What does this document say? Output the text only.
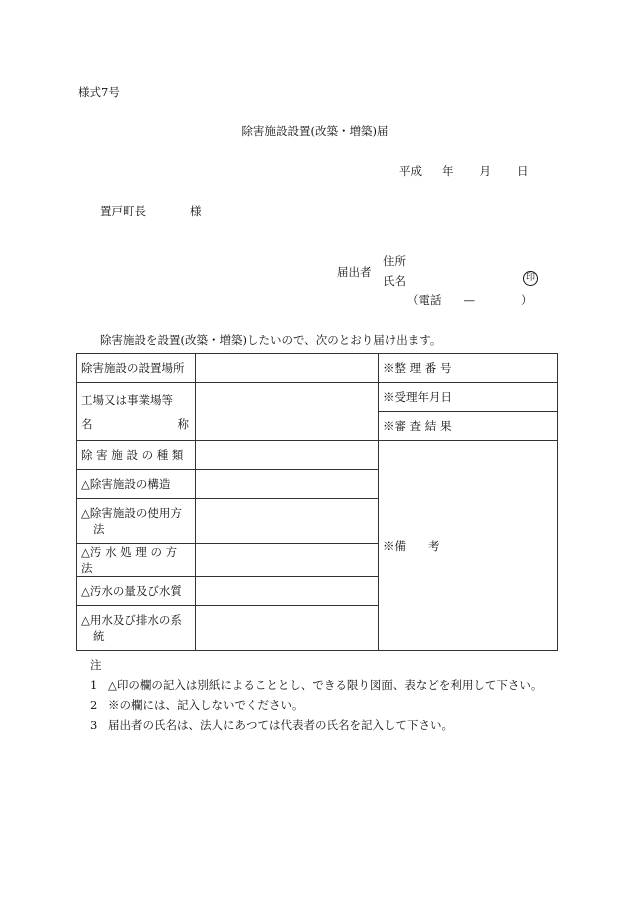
様式7号
除害施設設置(改築・増築)届
平成 年 月 日
置戸町長	様
届出者
住所
氏名	印
（電話 —	）
除害施設を設置(改築・増築)したいので、次のとおり届け出ます。
除害施設の設置場所		※整 理 番 号

工場又は事業場等
名 称		※受理年月日
		※審 査 結 果
除 害 施 設 の 種 類		※備 考
△除害施設の構造		
△除害施設の使用方

法		

△汚 水 処 理 の 方 法		
△汚水の量及び水質		
△用水及び排水の系

統		

注
1 △印の欄の記入は別紙によることとし、できる限り図面、表などを利用して下さい。
2 ※の欄には、記入しないでください。
3 届出者の氏名は、法人にあつては代表者の氏名を記入して下さい。
